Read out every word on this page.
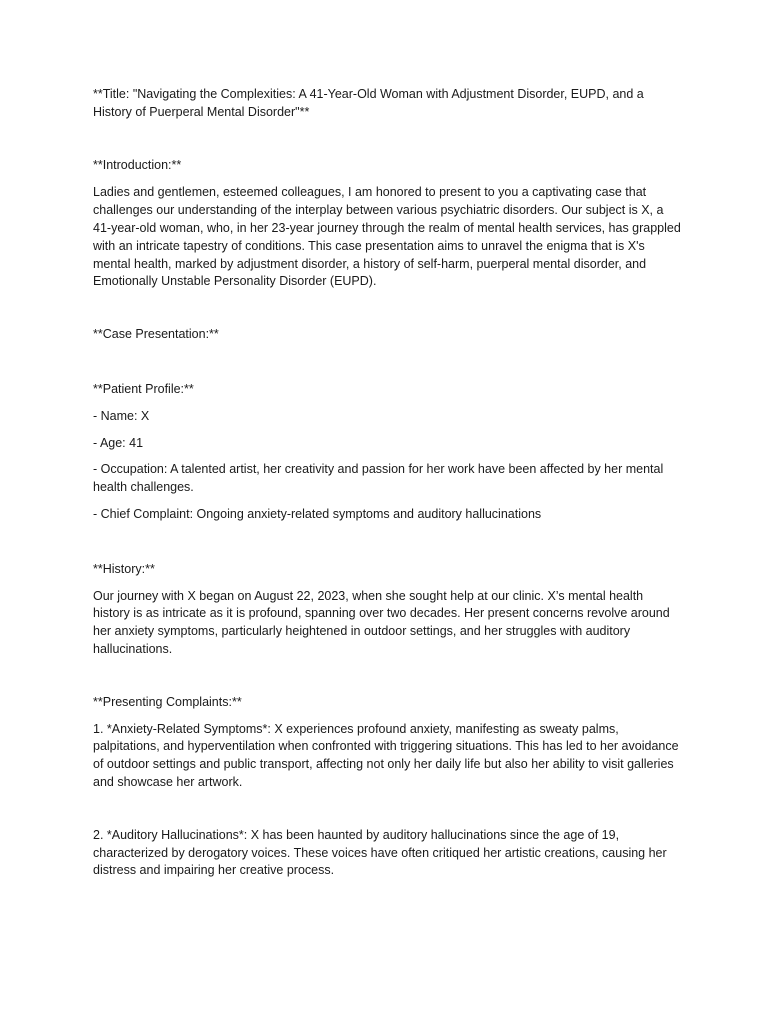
**Title: "Navigating the Complexities: A 41-Year-Old Woman with Adjustment Disorder, EUPD, and a History of Puerperal Mental Disorder"**

**Introduction:**

Ladies and gentlemen, esteemed colleagues, I am honored to present to you a captivating case that challenges our understanding of the interplay between various psychiatric disorders. Our subject is X, a 41-year-old woman, who, in her 23-year journey through the realm of mental health services, has grappled with an intricate tapestry of conditions. This case presentation aims to unravel the enigma that is X's mental health, marked by adjustment disorder, a history of self-harm, puerperal mental disorder, and Emotionally Unstable Personality Disorder (EUPD).

**Case Presentation:**

**Patient Profile:**

- Name: X

- Age: 41

- Occupation: A talented artist, her creativity and passion for her work have been affected by her mental health challenges.

- Chief Complaint: Ongoing anxiety-related symptoms and auditory hallucinations

**History:**

Our journey with X began on August 22, 2023, when she sought help at our clinic. X’s mental health history is as intricate as it is profound, spanning over two decades. Her present concerns revolve around her anxiety symptoms, particularly heightened in outdoor settings, and her struggles with auditory hallucinations.

**Presenting Complaints:**

1. *Anxiety-Related Symptoms*: X experiences profound anxiety, manifesting as sweaty palms, palpitations, and hyperventilation when confronted with triggering situations. This has led to her avoidance of outdoor settings and public transport, affecting not only her daily life but also her ability to visit galleries and showcase her artwork.

2. *Auditory Hallucinations*: X has been haunted by auditory hallucinations since the age of 19, characterized by derogatory voices. These voices have often critiqued her artistic creations, causing her distress and impairing her creative process.
